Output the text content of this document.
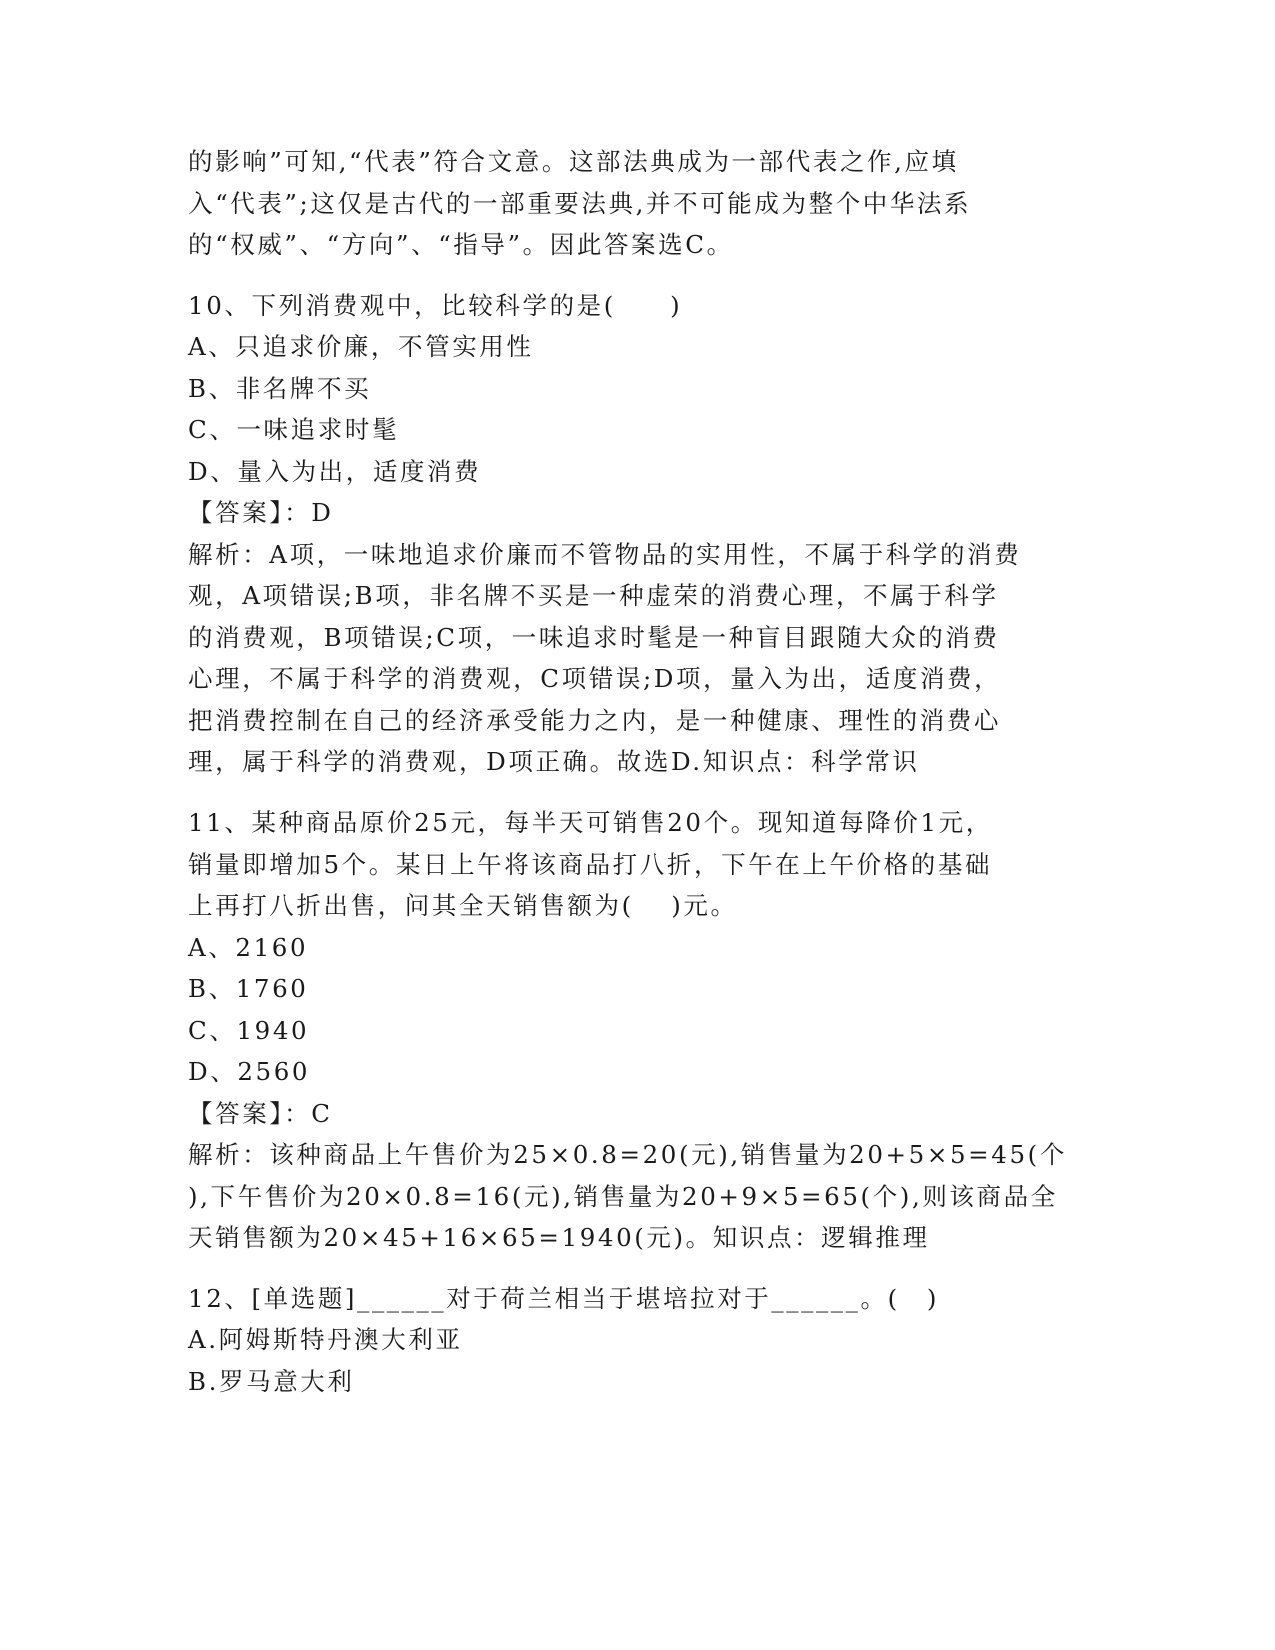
的影响”可知,“代表”符合文意。这部法典成为一部代表之作,应填
入“代表”;这仅是古代的一部重要法典,并不可能成为整个中华法系
的“权威”、“方向”、“指导”。因此答案选C。
10、下列消费观中，比较科学的是(　　)
A、只追求价廉，不管实用性
B、非名牌不买
C、一味追求时髦
D、量入为出，适度消费
【答案】：D
解析：A项，一味地追求价廉而不管物品的实用性，不属于科学的消费
观，A项错误;B项，非名牌不买是一种虚荣的消费心理，不属于科学
的消费观，B项错误;C项，一味追求时髦是一种盲目跟随大众的消费
心理，不属于科学的消费观，C项错误;D项，量入为出，适度消费，
把消费控制在自己的经济承受能力之内，是一种健康、理性的消费心
理，属于科学的消费观，D项正确。故选D.知识点：科学常识
11、某种商品原价25元，每半天可销售20个。现知道每降价1元，
销量即增加5个。某日上午将该商品打八折，下午在上午价格的基础
上再打八折出售，问其全天销售额为(　 )元。
A、2160
B、1760
C、1940
D、2560
【答案】：C
解析：该种商品上午售价为25×0.8=20(元),销售量为20+5×5=45(个
),下午售价为20×0.8=16(元),销售量为20+9×5=65(个),则该商品全
天销售额为20×45+16×65=1940(元)。知识点：逻辑推理
12、[单选题]______对于荷兰相当于堪培拉对于______。(　)
A.阿姆斯特丹澳大利亚
B.罗马意大利
